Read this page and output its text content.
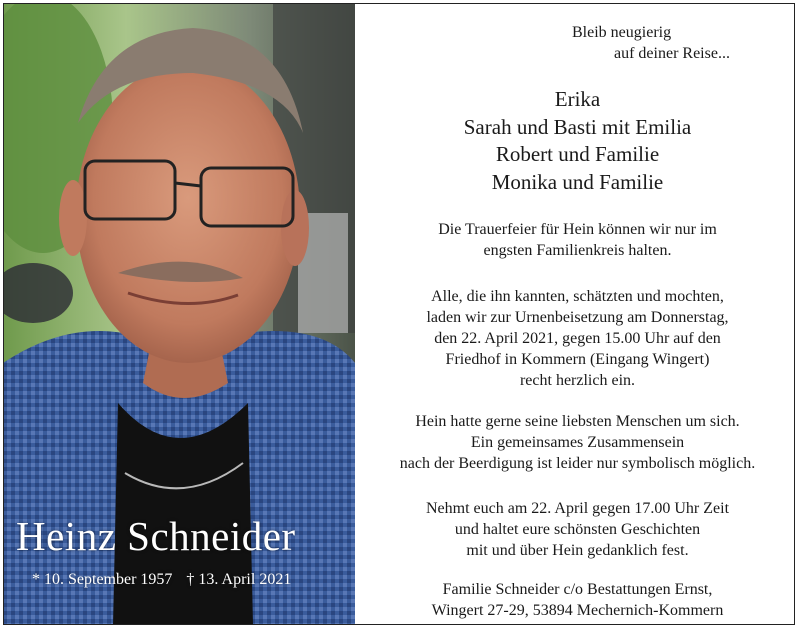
Heinz Schneider
* 10. September 1957 † 13. April 2021
Bleib neugierig
auf deiner Reise...
Erika
Sarah und Basti mit Emilia
Robert und Familie
Monika und Familie
Die Trauerfeier für Hein können wir nur im
engsten Familienkreis halten.
Alle, die ihn kannten, schätzten und mochten,
laden wir zur Urnenbeisetzung am Donnerstag,
den 22. April 2021, gegen 15.00 Uhr auf den
Friedhof in Kommern (Eingang Wingert)
recht herzlich ein.
Hein hatte gerne seine liebsten Menschen um sich.
Ein gemeinsames Zusammensein
nach der Beerdigung ist leider nur symbolisch möglich.
Nehmt euch am 22. April gegen 17.00 Uhr Zeit
und haltet eure schönsten Geschichten
mit und über Hein gedanklich fest.
Familie Schneider c/o Bestattungen Ernst,
Wingert 27-29, 53894 Mechernich-Kommern
